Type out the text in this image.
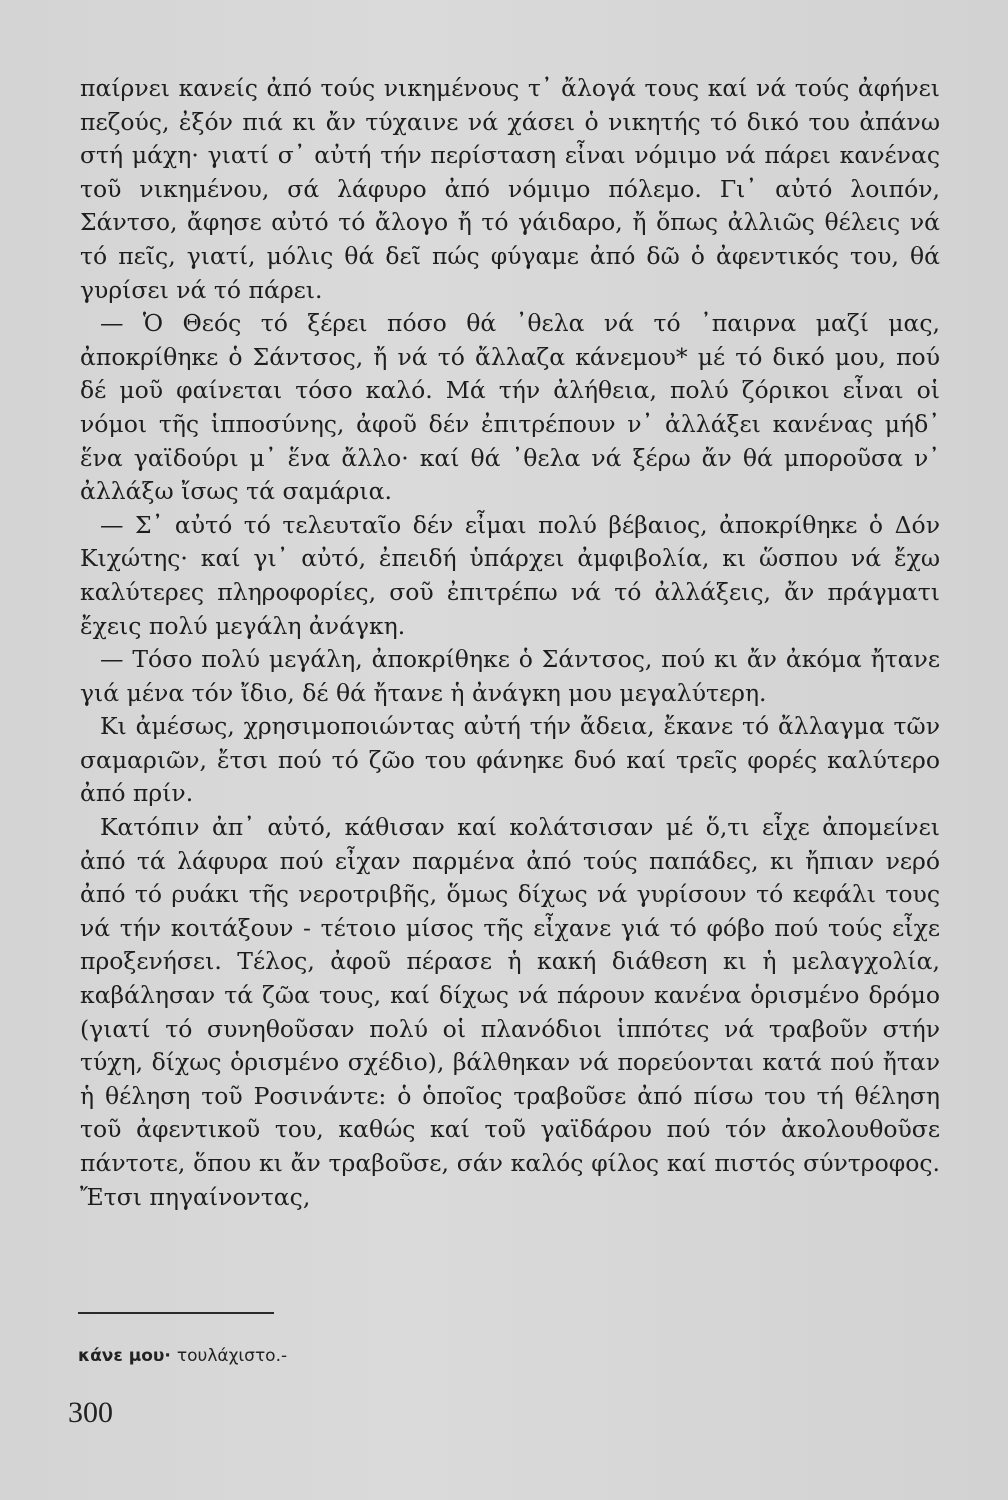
παίρνει κανείς ἀπό τούς νικημένους τ᾿ ἄλογά τους καί νά τούς ἀφήνει πεζούς, ἐξόν πιά κι ἄν τύχαινε νά χάσει ὁ νικητής τό δικό του ἀπάνω στή μάχη· γιατί σ᾿ αὐτή τήν περίσταση εἶναι νόμιμο νά πάρει κανένας τοῦ νικημένου, σά λάφυρο ἀπό νόμιμο πόλεμο. Γι᾿ αὐτό λοιπόν, Σάντσο, ἄφησε αὐτό τό ἄλογο ἤ τό γάιδαρο, ἤ ὅπως ἀλλιῶς θέλεις νά τό πεῖς, γιατί, μόλις θά δεῖ πώς φύγαμε ἀπό δῶ ὁ ἀφεντικός του, θά γυρίσει νά τό πάρει.

— Ὁ Θεός τό ξέρει πόσο θά ᾿θελα νά τό ᾿παιρνα μαζί μας, ἀποκρίθηκε ὁ Σάντσος, ἤ νά τό ἄλλαζα κάνεμου* μέ τό δικό μου, πού δέ μοῦ φαίνεται τόσο καλό. Μά τήν ἀλήθεια, πολύ ζόρικοι εἶναι οἱ νόμοι τῆς ἱπποσύνης, ἀφοῦ δέν ἐπιτρέπουν ν᾿ ἀλλάξει κανένας μήδ᾿ ἕνα γαϊδούρι μ᾿ ἕνα ἄλλο· καί θά ᾿θελα νά ξέρω ἄν θά μποροῦσα ν᾿ ἀλλάξω ἴσως τά σαμάρια.

— Σ᾿ αὐτό τό τελευταῖο δέν εἶμαι πολύ βέβαιος, ἀποκρίθηκε ὁ Δόν Κιχώτης· καί γι᾿ αὐτό, ἐπειδή ὑπάρχει ἀμφιβολία, κι ὥσπου νά ἔχω καλύτερες πληροφορίες, σοῦ ἐπιτρέπω νά τό ἀλλάξεις, ἄν πράγματι ἔχεις πολύ μεγάλη ἀνάγκη.

— Τόσο πολύ μεγάλη, ἀποκρίθηκε ὁ Σάντσος, πού κι ἄν ἀκόμα ἤτανε γιά μένα τόν ἴδιο, δέ θά ἤτανε ἡ ἀνάγκη μου μεγαλύτερη.

Κι ἀμέσως, χρησιμοποιώντας αὐτή τήν ἄδεια, ἔκανε τό ἄλλαγμα τῶν σαμαριῶν, ἔτσι πού τό ζῶο του φάνηκε δυό καί τρεῖς φορές καλύτερο ἀπό πρίν.

Κατόπιν ἀπ᾿ αὐτό, κάθισαν καί κολάτσισαν μέ ὅ,τι εἶχε ἀπομείνει ἀπό τά λάφυρα πού εἶχαν παρμένα ἀπό τούς παπάδες, κι ἤπιαν νερό ἀπό τό ρυάκι τῆς νεροτριβῆς, ὅμως δίχως νά γυρίσουν τό κεφάλι τους νά τήν κοιτάξουν - τέτοιο μίσος τῆς εἶχανε γιά τό φόβο πού τούς εἶχε προξενήσει. Τέλος, ἀφοῦ πέρασε ἡ κακή διάθεση κι ἡ μελαγχολία, καβάλησαν τά ζῶα τους, καί δίχως νά πάρουν κανένα ὁρισμένο δρόμο (γιατί τό συνηθοῦσαν πολύ οἱ πλανόδιοι ἱππότες νά τραβοῦν στήν τύχη, δίχως ὁρισμένο σχέδιο), βάλθηκαν νά πορεύονται κατά πού ἤταν ἡ θέληση τοῦ Ροσινάντε: ὁ ὁποῖος τραβοῦσε ἀπό πίσω του τή θέληση τοῦ ἀφεντικοῦ του, καθώς καί τοῦ γαϊδάρου πού τόν ἀκολουθοῦσε πάντοτε, ὅπου κι ἄν τραβοῦσε, σάν καλός φίλος καί πιστός σύντροφος. Ἔτσι πηγαίνοντας,

κάνε μου· τουλάχιστο.-
300
